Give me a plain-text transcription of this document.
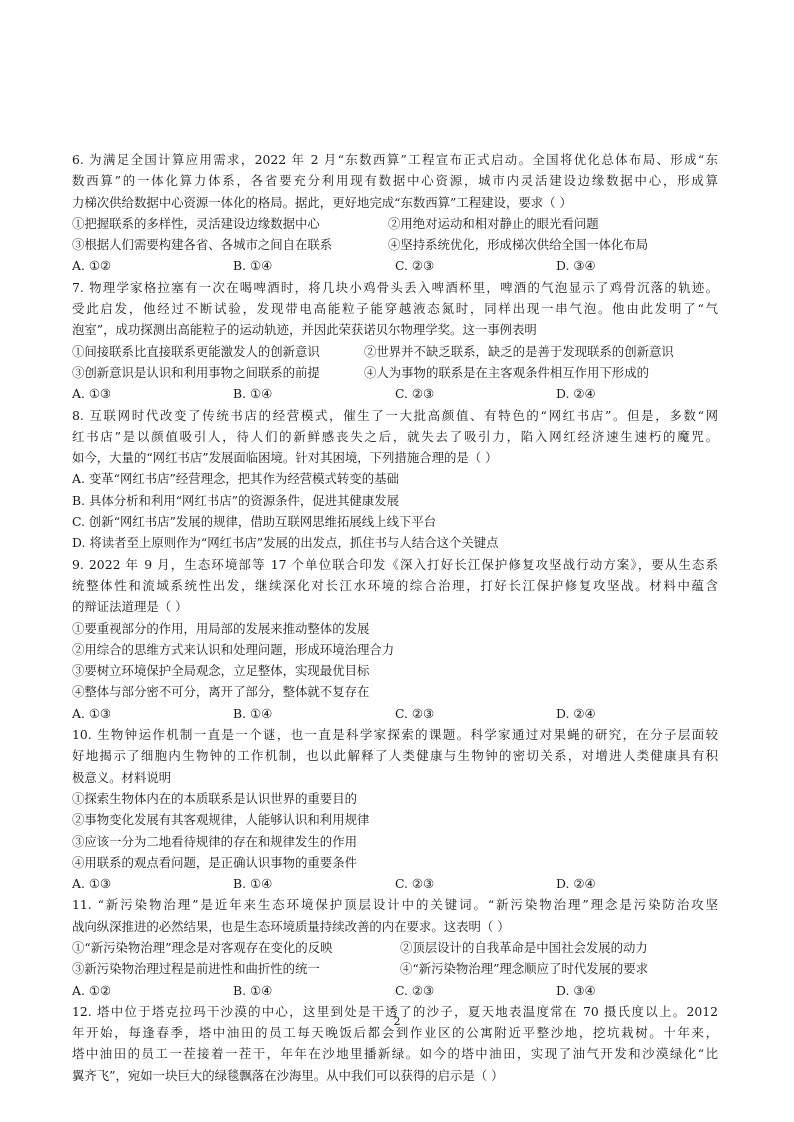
6. 为满足全国计算应用需求，2022 年 2 月“东数西算”工程宣布正式启动。全国将优化总体布局、形成“东
数西算”的一体化算力体系，各省要充分利用现有数据中心资源，城市内灵活建设边缘数据中心，形成算
力梯次供给数据中心资源一体化的格局。据此，更好地完成“东数西算”工程建设，要求（ ）
①把握联系的多样性，灵活建设边缘数据中心	②用绝对运动和相对静止的眼光看问题
③根据人们需要构建各省、各城市之间自在联系	④坚持系统优化，形成梯次供给全国一体化布局
A. ①②	B. ①④	C. ②③	D. ③④
7. 物理学家格拉塞有一次在喝啤酒时，将几块小鸡骨头丢入啤酒杯里，啤酒的气泡显示了鸡骨沉落的轨迹。
受此启发，他经过不断试验，发现带电高能粒子能穿越液态氮时，同样出现一串气泡。他由此发明了“气
泡室”，成功探测出高能粒子的运动轨迹，并因此荣获诺贝尔物理学奖。这一事例表明
①间接联系比直接联系更能激发人的创新意识	②世界并不缺乏联系，缺乏的是善于发现联系的创新意识
③创新意识是认识和利用事物之间联系的前提	④人为事物的联系是在主客观条件相互作用下形成的
A. ①③	B. ①④	C. ②③	D. ②④
8. 互联网时代改变了传统书店的经营模式，催生了一大批高颜值、有特色的“网红书店”。但是，多数“网
红书店”是以颜值吸引人，待人们的新鲜感丧失之后，就失去了吸引力，陷入网红经济速生速朽的魔咒。
如今，大量的“网红书店”发展面临困境。针对其困境，下列措施合理的是（ ）
A. 变革“网红书店”经营理念，把其作为经营模式转变的基础
B. 具体分析和利用“网红书店”的资源条件，促进其健康发展
C. 创新“网红书店”发展的规律，借助互联网思维拓展线上线下平台
D. 将读者至上原则作为“网红书店”发展的出发点，抓住书与人结合这个关键点
9. 2022 年 9 月，生态环境部等 17 个单位联合印发《深入打好长江保护修复攻坚战行动方案》，要从生态系
统整体性和流域系统性出发，继续深化对长江水环境的综合治理，打好长江保护修复攻坚战。材料中蕴含
的辩证法道理是（ ）
①要重视部分的作用，用局部的发展来推动整体的发展
②用综合的思维方式来认识和处理问题，形成环境治理合力
③要树立环境保护全局观念，立足整体，实现最优目标
④整体与部分密不可分，离开了部分，整体就不复存在
A. ①③	B. ①④	C. ②③	D. ②④
10. 生物钟运作机制一直是一个谜，也一直是科学家探索的课题。科学家通过对果蝇的研究，在分子层面较
好地揭示了细胞内生物钟的工作机制，也以此解释了人类健康与生物钟的密切关系，对增进人类健康具有积
极意义。材料说明
①探索生物体内在的本质联系是认识世界的重要目的
②事物变化发展有其客观规律，人能够认识和利用规律
③应该一分为二地看待规律的存在和规律发生的作用
④用联系的观点看问题，是正确认识事物的重要条件
A. ①③	B. ①④	C. ②③	D. ②④
11. “新污染物治理”是近年来生态环境保护顶层设计中的关键词。“新污染物治理”理念是污染防治攻坚
战向纵深推进的必然结果，也是生态环境质量持续改善的内在要求。这表明（ ）
①“新污染物治理”理念是对客观存在变化的反映	②顶层设计的自我革命是中国社会发展的动力
③新污染物治理过程是前进性和曲折性的统一	④“新污染物治理”理念顺应了时代发展的要求
A. ①②	B. ①④	C. ②③	D. ③④
12. 塔中位于塔克拉玛干沙漠的中心，这里到处是干透了的沙子，夏天地表温度常在 70 摄氏度以上。2012
年开始，每逢春季，塔中油田的员工每天晚饭后都会到作业区的公寓附近平整沙地，挖坑栽树。十年来，
塔中油田的员工一茬接着一茬干，年年在沙地里播新绿。如今的塔中油田，实现了油气开发和沙漠绿化“比
翼齐飞”，宛如一块巨大的绿毯飘落在沙海里。从中我们可以获得的启示是（ ）
2
